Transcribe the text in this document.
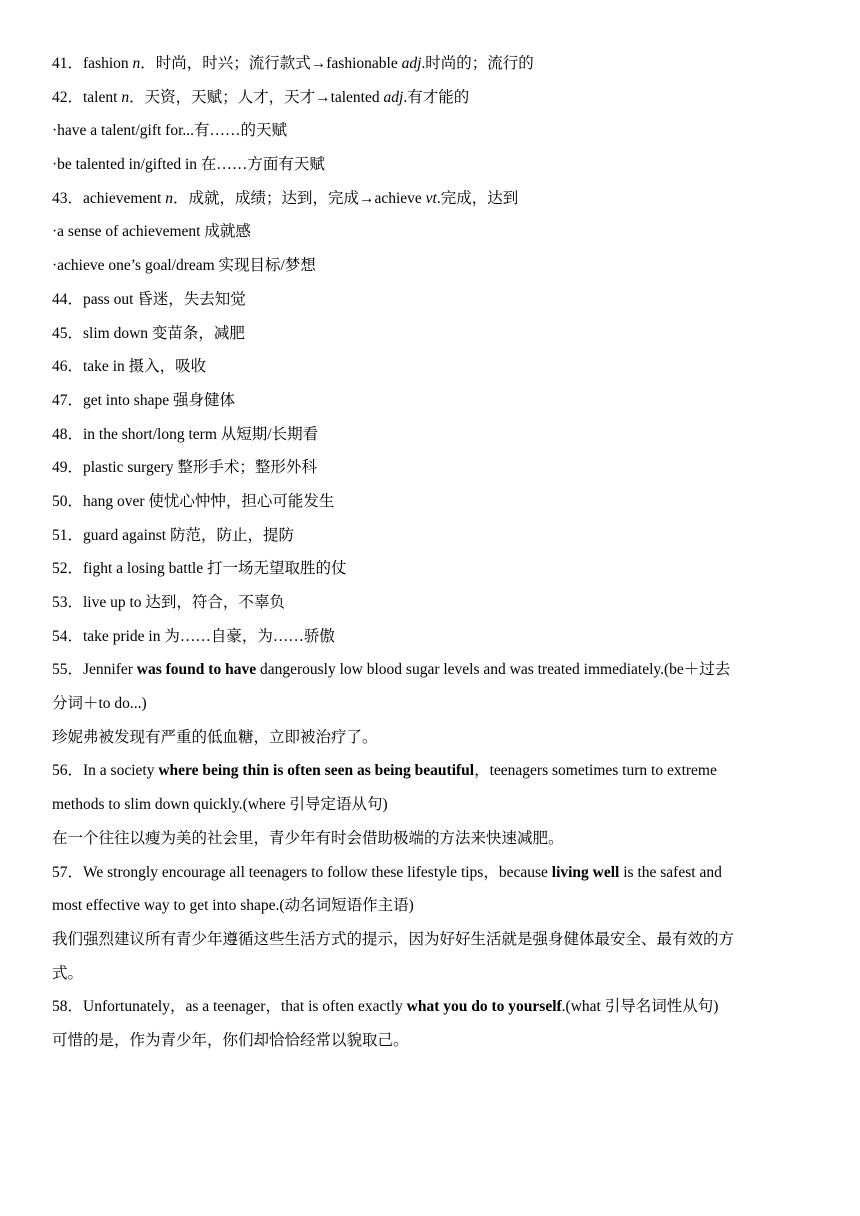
41．fashion n．时尚，时兴；流行款式→fashionable adj.时尚的；流行的
42．talent n．天资，天赋；人才，天才→talented adj.有才能的
·have a talent/gift for...有……的天赋
·be talented in/gifted in 在……方面有天赋
43．achievement n．成就，成绩；达到，完成→achieve vt.完成，达到
·a sense of achievement 成就感
·achieve one’s goal/dream 实现目标/梦想
44．pass out 昏迷，失去知觉
45．slim down 变苗条，减肥
46．take in 摄入，吸收
47．get into shape 强身健体
48．in the short/long term 从短期/长期看
49．plastic surgery 整形手术；整形外科
50．hang over 使忧心忡忡，担心可能发生
51．guard against 防范，防止，提防
52．fight a losing battle 打一场无望取胜的仗
53．live up to 达到，符合，不辜负
54．take pride in 为……自豪，为……骄傲
55．Jennifer was found to have dangerously low blood sugar levels and was treated immediately.(be＋过去
分词＋to do...)
珍妮弗被发现有严重的低血糖，立即被治疗了。
56．In a society where being thin is often seen as being beautiful，teenagers sometimes turn to extreme
methods to slim down quickly.(where 引导定语从句)
在一个往往以瘦为美的社会里，青少年有时会借助极端的方法来快速减肥。
57．We strongly encourage all teenagers to follow these lifestyle tips，because living well is the safest and
most effective way to get into shape.(动名词短语作主语)
我们强烈建议所有青少年遵循这些生活方式的提示，因为好好生活就是强身健体最安全、最有效的方
式。
58．Unfortunately，as a teenager，that is often exactly what you do to yourself.(what 引导名词性从句)
可惜的是，作为青少年，你们却恰恰经常以貌取己。
